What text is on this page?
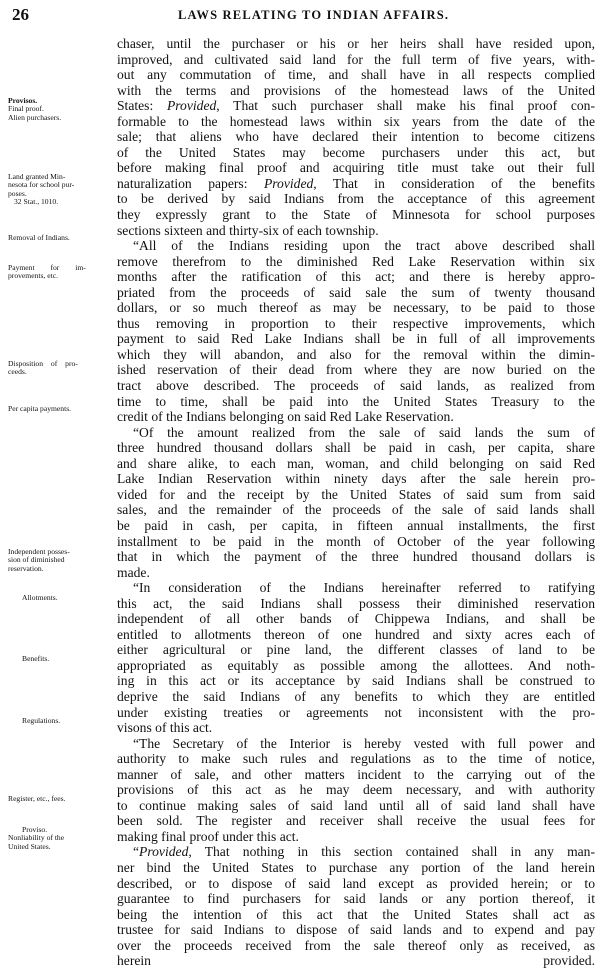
26	LAWS RELATING TO INDIAN AFFAIRS.
Provisos.
Final proof.
Alien purchasers.
Land granted Min-
nesota for school pur-
poses.
32 Stat., 1010.
Removal of Indians.
Payment for im-
provements, etc.
Disposition of pro-
ceeds.
Per capita payments.
Independent posses-
sion of diminished
reservation.
Allotments.
Benefits.
Regulations.
Register, etc., fees.
Proviso.
Nonliability of the
United States.
chaser, until the purchaser or his or her heirs shall have resided upon,
improved, and cultivated said land for the full term of five years, with-
out any commutation of time, and shall have in all respects complied
with the terms and provisions of the homestead laws of the United
States: Provided, That such purchaser shall make his final proof con-
formable to the homestead laws within six years from the date of the
sale; that aliens who have declared their intention to become citizens
of the United States may become purchasers under this act, but
before making final proof and acquiring title must take out their full
naturalization papers: Provided, That in consideration of the benefits
to be derived by said Indians from the acceptance of this agreement
they expressly grant to the State of Minnesota for school purposes
sections sixteen and thirty-six of each township.
“All of the Indians residing upon the tract above described shall
remove therefrom to the diminished Red Lake Reservation within six
months after the ratification of this act; and there is hereby appro-
priated from the proceeds of said sale the sum of twenty thousand
dollars, or so much thereof as may be necessary, to be paid to those
thus removing in proportion to their respective improvements, which
payment to said Red Lake Indians shall be in full of all improvements
which they will abandon, and also for the removal within the dimin-
ished reservation of their dead from where they are now buried on the
tract above described. The proceeds of said lands, as realized from
time to time, shall be paid into the United States Treasury to the
credit of the Indians belonging on said Red Lake Reservation.
“Of the amount realized from the sale of said lands the sum of
three hundred thousand dollars shall be paid in cash, per capita, share
and share alike, to each man, woman, and child belonging on said Red
Lake Indian Reservation within ninety days after the sale herein pro-
vided for and the receipt by the United States of said sum from said
sales, and the remainder of the proceeds of the sale of said lands shall
be paid in cash, per capita, in fifteen annual installments, the first
installment to be paid in the month of October of the year following
that in which the payment of the three hundred thousand dollars is
made.
“In consideration of the Indians hereinafter referred to ratifying
this act, the said Indians shall possess their diminished reservation
independent of all other bands of Chippewa Indians, and shall be
entitled to allotments thereon of one hundred and sixty acres each of
either agricultural or pine land, the different classes of land to be
appropriated as equitably as possible among the allottees. And noth-
ing in this act or its acceptance by said Indians shall be construed to
deprive the said Indians of any benefits to which they are entitled
under existing treaties or agreements not inconsistent with the pro-
visons of this act.
“The Secretary of the Interior is hereby vested with full power and
authority to make such rules and regulations as to the time of notice,
manner of sale, and other matters incident to the carrying out of the
provisions of this act as he may deem necessary, and with authority
to continue making sales of said land until all of said land shall have
been sold. The register and receiver shall receive the usual fees for
making final proof under this act.
“Provided, That nothing in this section contained shall in any man-
ner bind the United States to purchase any portion of the land herein
described, or to dispose of said land except as provided herein; or to
guarantee to find purchasers for said lands or any portion thereof, it
being the intention of this act that the United States shall act as
trustee for said Indians to dispose of said lands and to expend and pay
over the proceeds received from the sale thereof only as received, as
herein provided.
